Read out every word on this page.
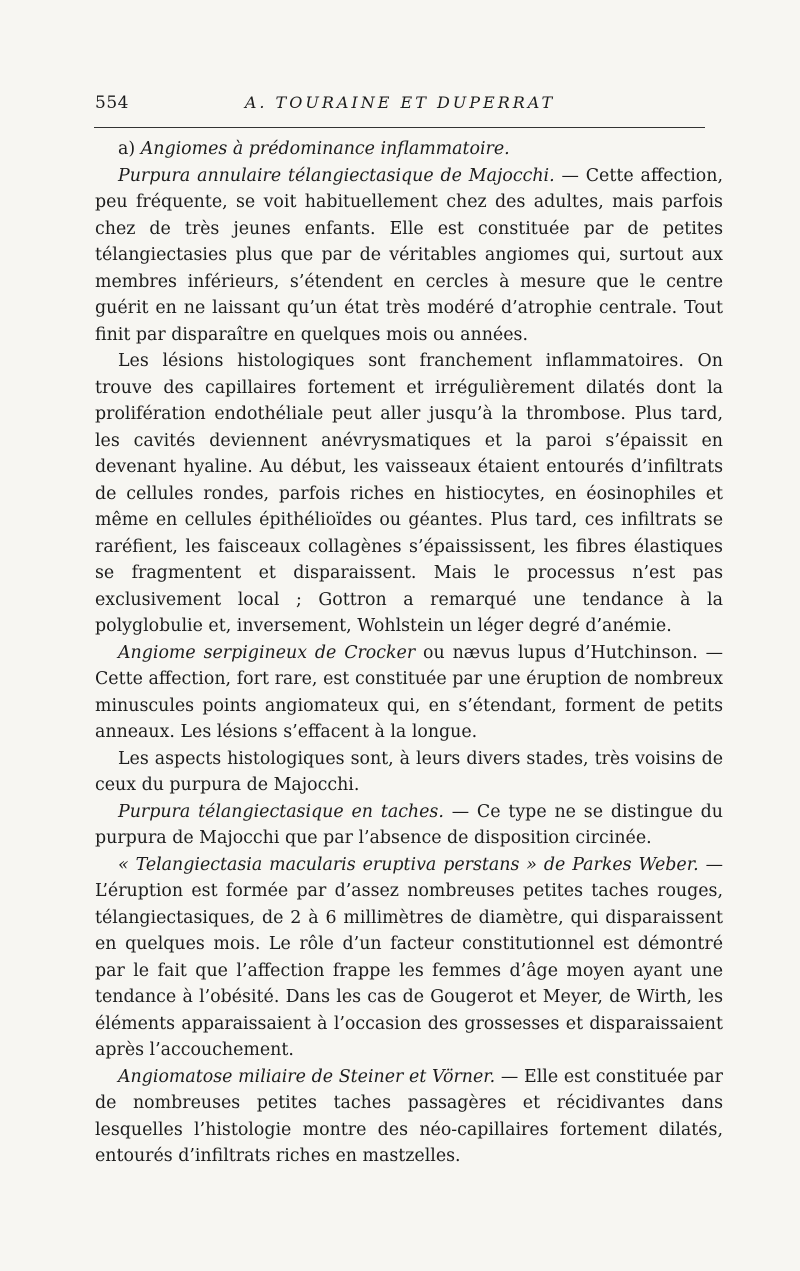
554	A. TOURAINE ET DUPERRAT

a) Angiomes à prédominance inflammatoire.

Purpura annulaire télangiectasique de Majocchi. — Cette affection, peu fréquente, se voit habituellement chez des adultes, mais parfois chez de très jeunes enfants. Elle est constituée par de petites télangiectasies plus que par de véritables angiomes qui, surtout aux membres inférieurs, s’étendent en cercles à mesure que le centre guérit en ne laissant qu’un état très modéré d’atrophie centrale. Tout finit par disparaître en quelques mois ou années.

Les lésions histologiques sont franchement inflammatoires. On trouve des capillaires fortement et irrégulièrement dilatés dont la prolifération endothéliale peut aller jusqu’à la thrombose. Plus tard, les cavités deviennent anévrysmatiques et la paroi s’épaissit en devenant hyaline. Au début, les vaisseaux étaient entourés d’infiltrats de cellules rondes, parfois riches en histiocytes, en éosinophiles et même en cellules épithélioïdes ou géantes. Plus tard, ces infiltrats se raréfient, les faisceaux collagènes s’épaississent, les fibres élastiques se fragmentent et disparaissent. Mais le processus n’est pas exclusivement local ; Gottron a remarqué une tendance à la polyglobulie et, inversement, Wohlstein un léger degré d’anémie.

Angiome serpigineux de Crocker ou nævus lupus d’Hutchinson. — Cette affection, fort rare, est constituée par une éruption de nombreux minuscules points angiomateux qui, en s’étendant, forment de petits anneaux. Les lésions s’effacent à la longue.

Les aspects histologiques sont, à leurs divers stades, très voisins de ceux du purpura de Majocchi.

Purpura télangiectasique en taches. — Ce type ne se distingue du purpura de Majocchi que par l’absence de disposition circinée.

« Telangiectasia macularis eruptiva perstans » de Parkes Weber. — L’éruption est formée par d’assez nombreuses petites taches rouges, télangiectasiques, de 2 à 6 millimètres de diamètre, qui disparaissent en quelques mois. Le rôle d’un facteur constitutionnel est démontré par le fait que l’affection frappe les femmes d’âge moyen ayant une tendance à l’obésité. Dans les cas de Gougerot et Meyer, de Wirth, les éléments apparaissaient à l’occasion des grossesses et disparaissaient après l’accouchement.

Angiomatose miliaire de Steiner et Vörner. — Elle est constituée par de nombreuses petites taches passagères et récidivantes dans lesquelles l’histologie montre des néo-capillaires fortement dilatés, entourés d’infiltrats riches en mastzelles.
